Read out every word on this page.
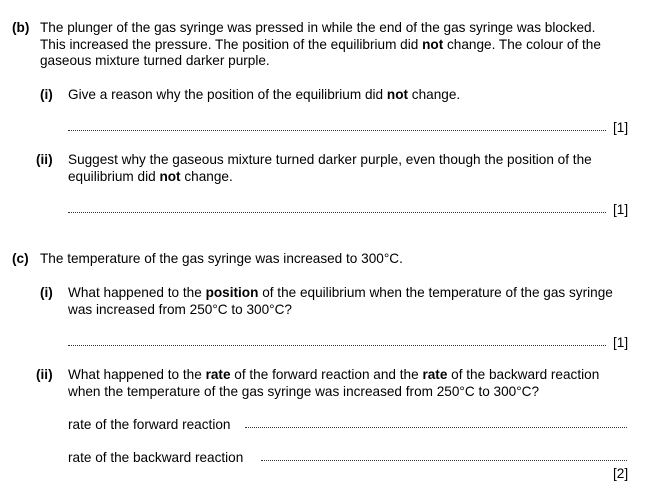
(b) The plunger of the gas syringe was pressed in while the end of the gas syringe was blocked.
This increased the pressure. The position of the equilibrium did not change. The colour of the
gaseous mixture turned darker purple.
(i) Give a reason why the position of the equilibrium did not change.
[1]
(ii) Suggest why the gaseous mixture turned darker purple, even though the position of the
equilibrium did not change.
[1]
(c) The temperature of the gas syringe was increased to 300°C.
(i) What happened to the position of the equilibrium when the temperature of the gas syringe
was increased from 250°C to 300°C?
[1]
(ii) What happened to the rate of the forward reaction and the rate of the backward reaction
when the temperature of the gas syringe was increased from 250°C to 300°C?
rate of the forward reaction
rate of the backward reaction
[2]
